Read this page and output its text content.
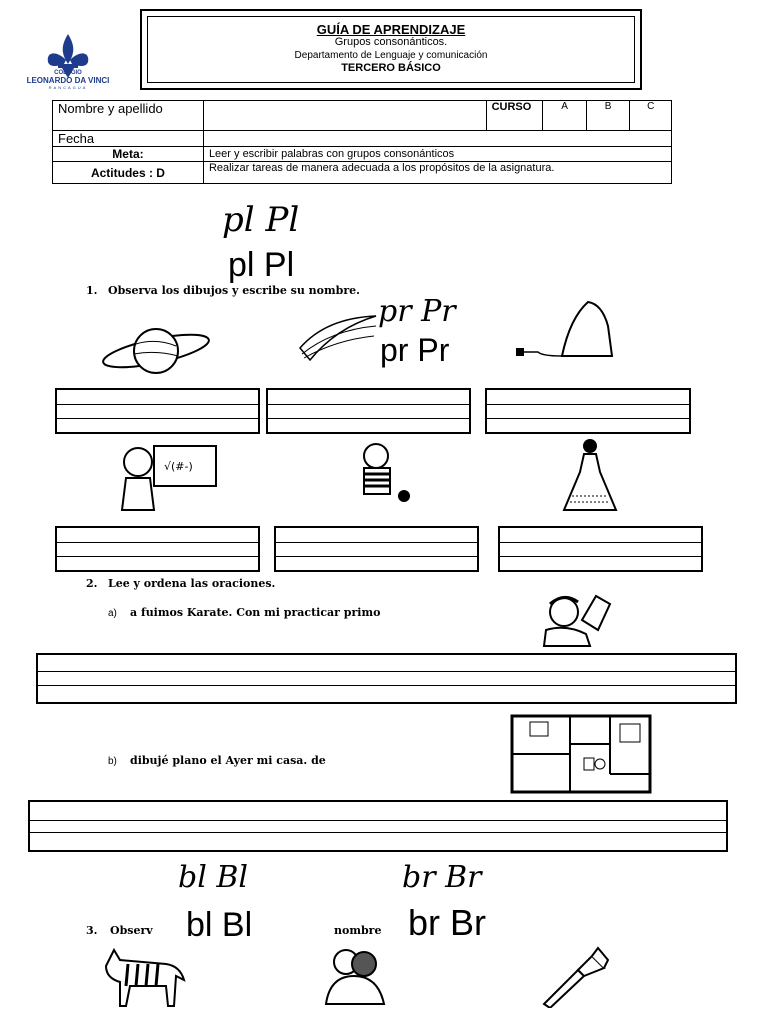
COLEGIO
LEONARDO DA VINCI
RANCAGUA
GUÍA DE APRENDIZAJE
Grupos consonánticos.
Departamento de Lenguaje y comunicación
TERCERO BÁSICO
Nombre y apellido		CURSO	A	B	C
Fecha					
Meta:	Leer y escribir palabras con grupos consonánticos				
Actitudes : D	Realizar tareas de manera adecuada a los propósitos de la asignatura.				
pl Pl
pl Pl
1. Observa los dibujos y escribe su nombre.
pr Pr
pr Pr
√(#-)
2. Lee y ordena las oraciones.
a) a fuimos Karate. Con mi practicar primo
b) dibujé plano el Ayer mi casa. de
bl Bl
bl Bl
br Br
br Br
3. Observ	nombre
